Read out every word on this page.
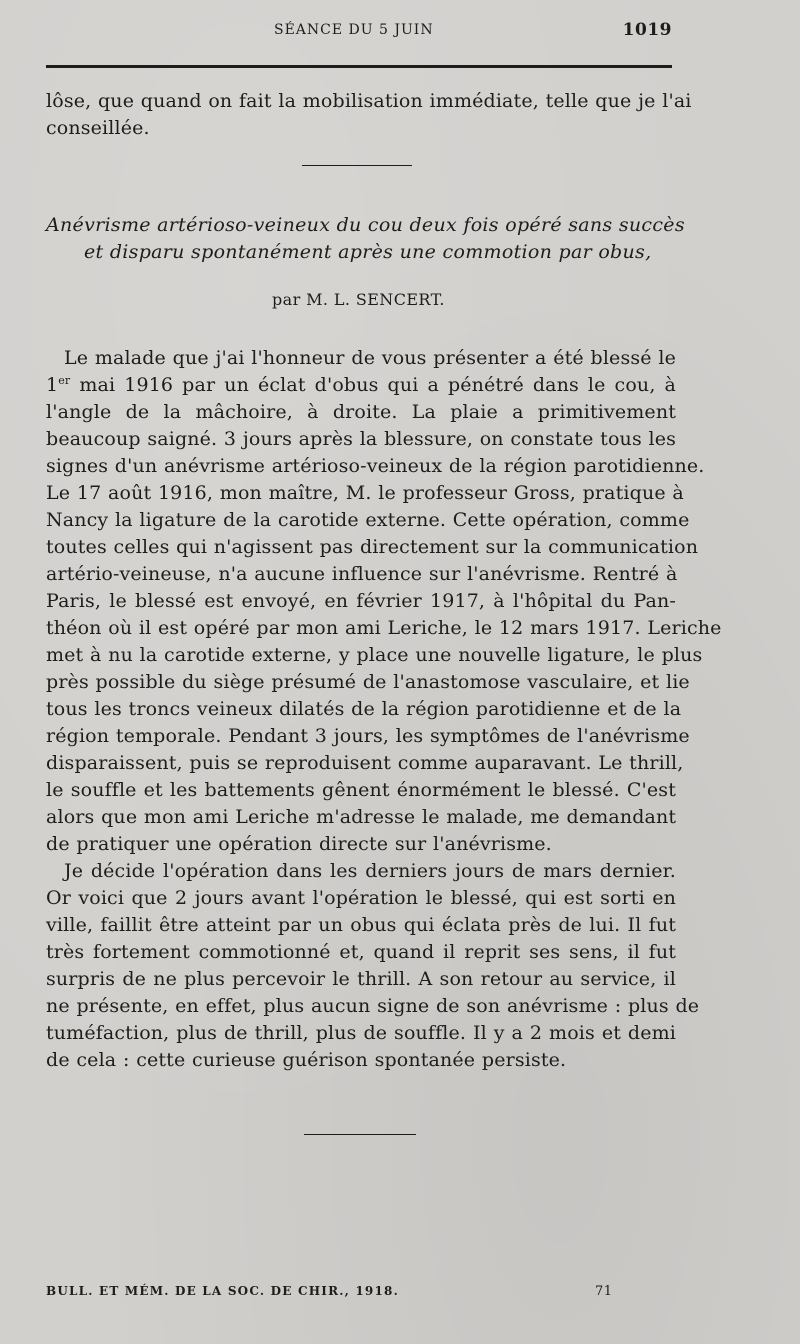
SÉANCE DU 5 JUIN	1019
lôse, que quand on fait la mobilisation immédiate, telle que je l'ai
conseillée.
Anévrisme artérioso-veineux du cou deux fois opéré sans succès
et disparu spontanément après une commotion par obus,
par M. L. SENCERT.
Le malade que j'ai l'honneur de vous présenter a été blessé le
1er mai 1916 par un éclat d'obus qui a pénétré dans le cou, à
l'angle de la mâchoire, à droite. La plaie a primitivement
beaucoup saigné. 3 jours après la blessure, on constate tous les
signes d'un anévrisme artérioso-veineux de la région parotidienne.
Le 17 août 1916, mon maître, M. le professeur Gross, pratique à
Nancy la ligature de la carotide externe. Cette opération, comme
toutes celles qui n'agissent pas directement sur la communication
artério-veineuse, n'a aucune influence sur l'anévrisme. Rentré à
Paris, le blessé est envoyé, en février 1917, à l'hôpital du Pan-
théon où il est opéré par mon ami Leriche, le 12 mars 1917. Leriche
met à nu la carotide externe, y place une nouvelle ligature, le plus
près possible du siège présumé de l'anastomose vasculaire, et lie
tous les troncs veineux dilatés de la région parotidienne et de la
région temporale. Pendant 3 jours, les symptômes de l'anévrisme
disparaissent, puis se reproduisent comme auparavant. Le thrill,
le souffle et les battements gênent énormément le blessé. C'est
alors que mon ami Leriche m'adresse le malade, me demandant
de pratiquer une opération directe sur l'anévrisme.
Je décide l'opération dans les derniers jours de mars dernier.
Or voici que 2 jours avant l'opération le blessé, qui est sorti en
ville, faillit être atteint par un obus qui éclata près de lui. Il fut
très fortement commotionné et, quand il reprit ses sens, il fut
surpris de ne plus percevoir le thrill. A son retour au service, il
ne présente, en effet, plus aucun signe de son anévrisme : plus de
tuméfaction, plus de thrill, plus de souffle. Il y a 2 mois et demi
de cela : cette curieuse guérison spontanée persiste.
BULL. ET MÉM. DE LA SOC. DE CHIR., 1918.	71
